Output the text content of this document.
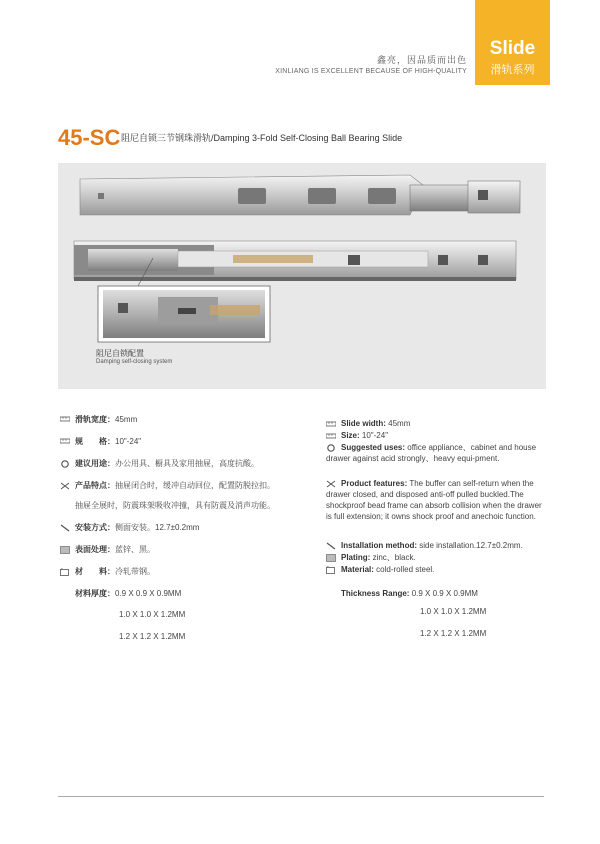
Slide
滑轨系列
鑫亮，因品质而出色
XINLIANG IS EXCELLENT BECAUSE OF HIGH-QUALITY
45-SC 阻尼自锁三节钢珠滑轨/Damping 3-Fold Self-Closing Ball Bearing Slide
阻尼自锁配置
Damping self-closing system
滑轨宽度：45mm
规　　格：10"-24"
建议用途：办公用具、橱具及家用抽屉，高度抗酸。
产品特点：抽屉闭合时，缓冲自动回位，配置防脱拉扣。
抽屉全展时，防震珠架吸收冲撞，具有防震及消声功能。
安装方式：侧面安装。12.7±0.2mm
表面处理：蓝锌、黑。
材　　料：冷轧带钢。
材料厚度：0.9 X 0.9 X 0.9MM
1.0 X 1.0 X 1.2MM
1.2 X 1.2 X 1.2MM
Slide width: 45mm
Size: 10"-24"
Suggested uses: office appliance、cabinet and house drawer against acid strongly、heavy equi-pment.
Product features: The buffer can self-return when the drawer closed, and disposed anti-off pulled buckled.The shockproof bead frame can absorb collision when the drawer is full extension; it owns shock proof and anechoic function.
Installation method: side installation.12.7±0.2mm.
Plating: zinc、black.
Material: cold-rolled steel.
Thickness Range: 0.9 X 0.9 X 0.9MM
1.0 X 1.0 X 1.2MM
1.2 X 1.2 X 1.2MM
